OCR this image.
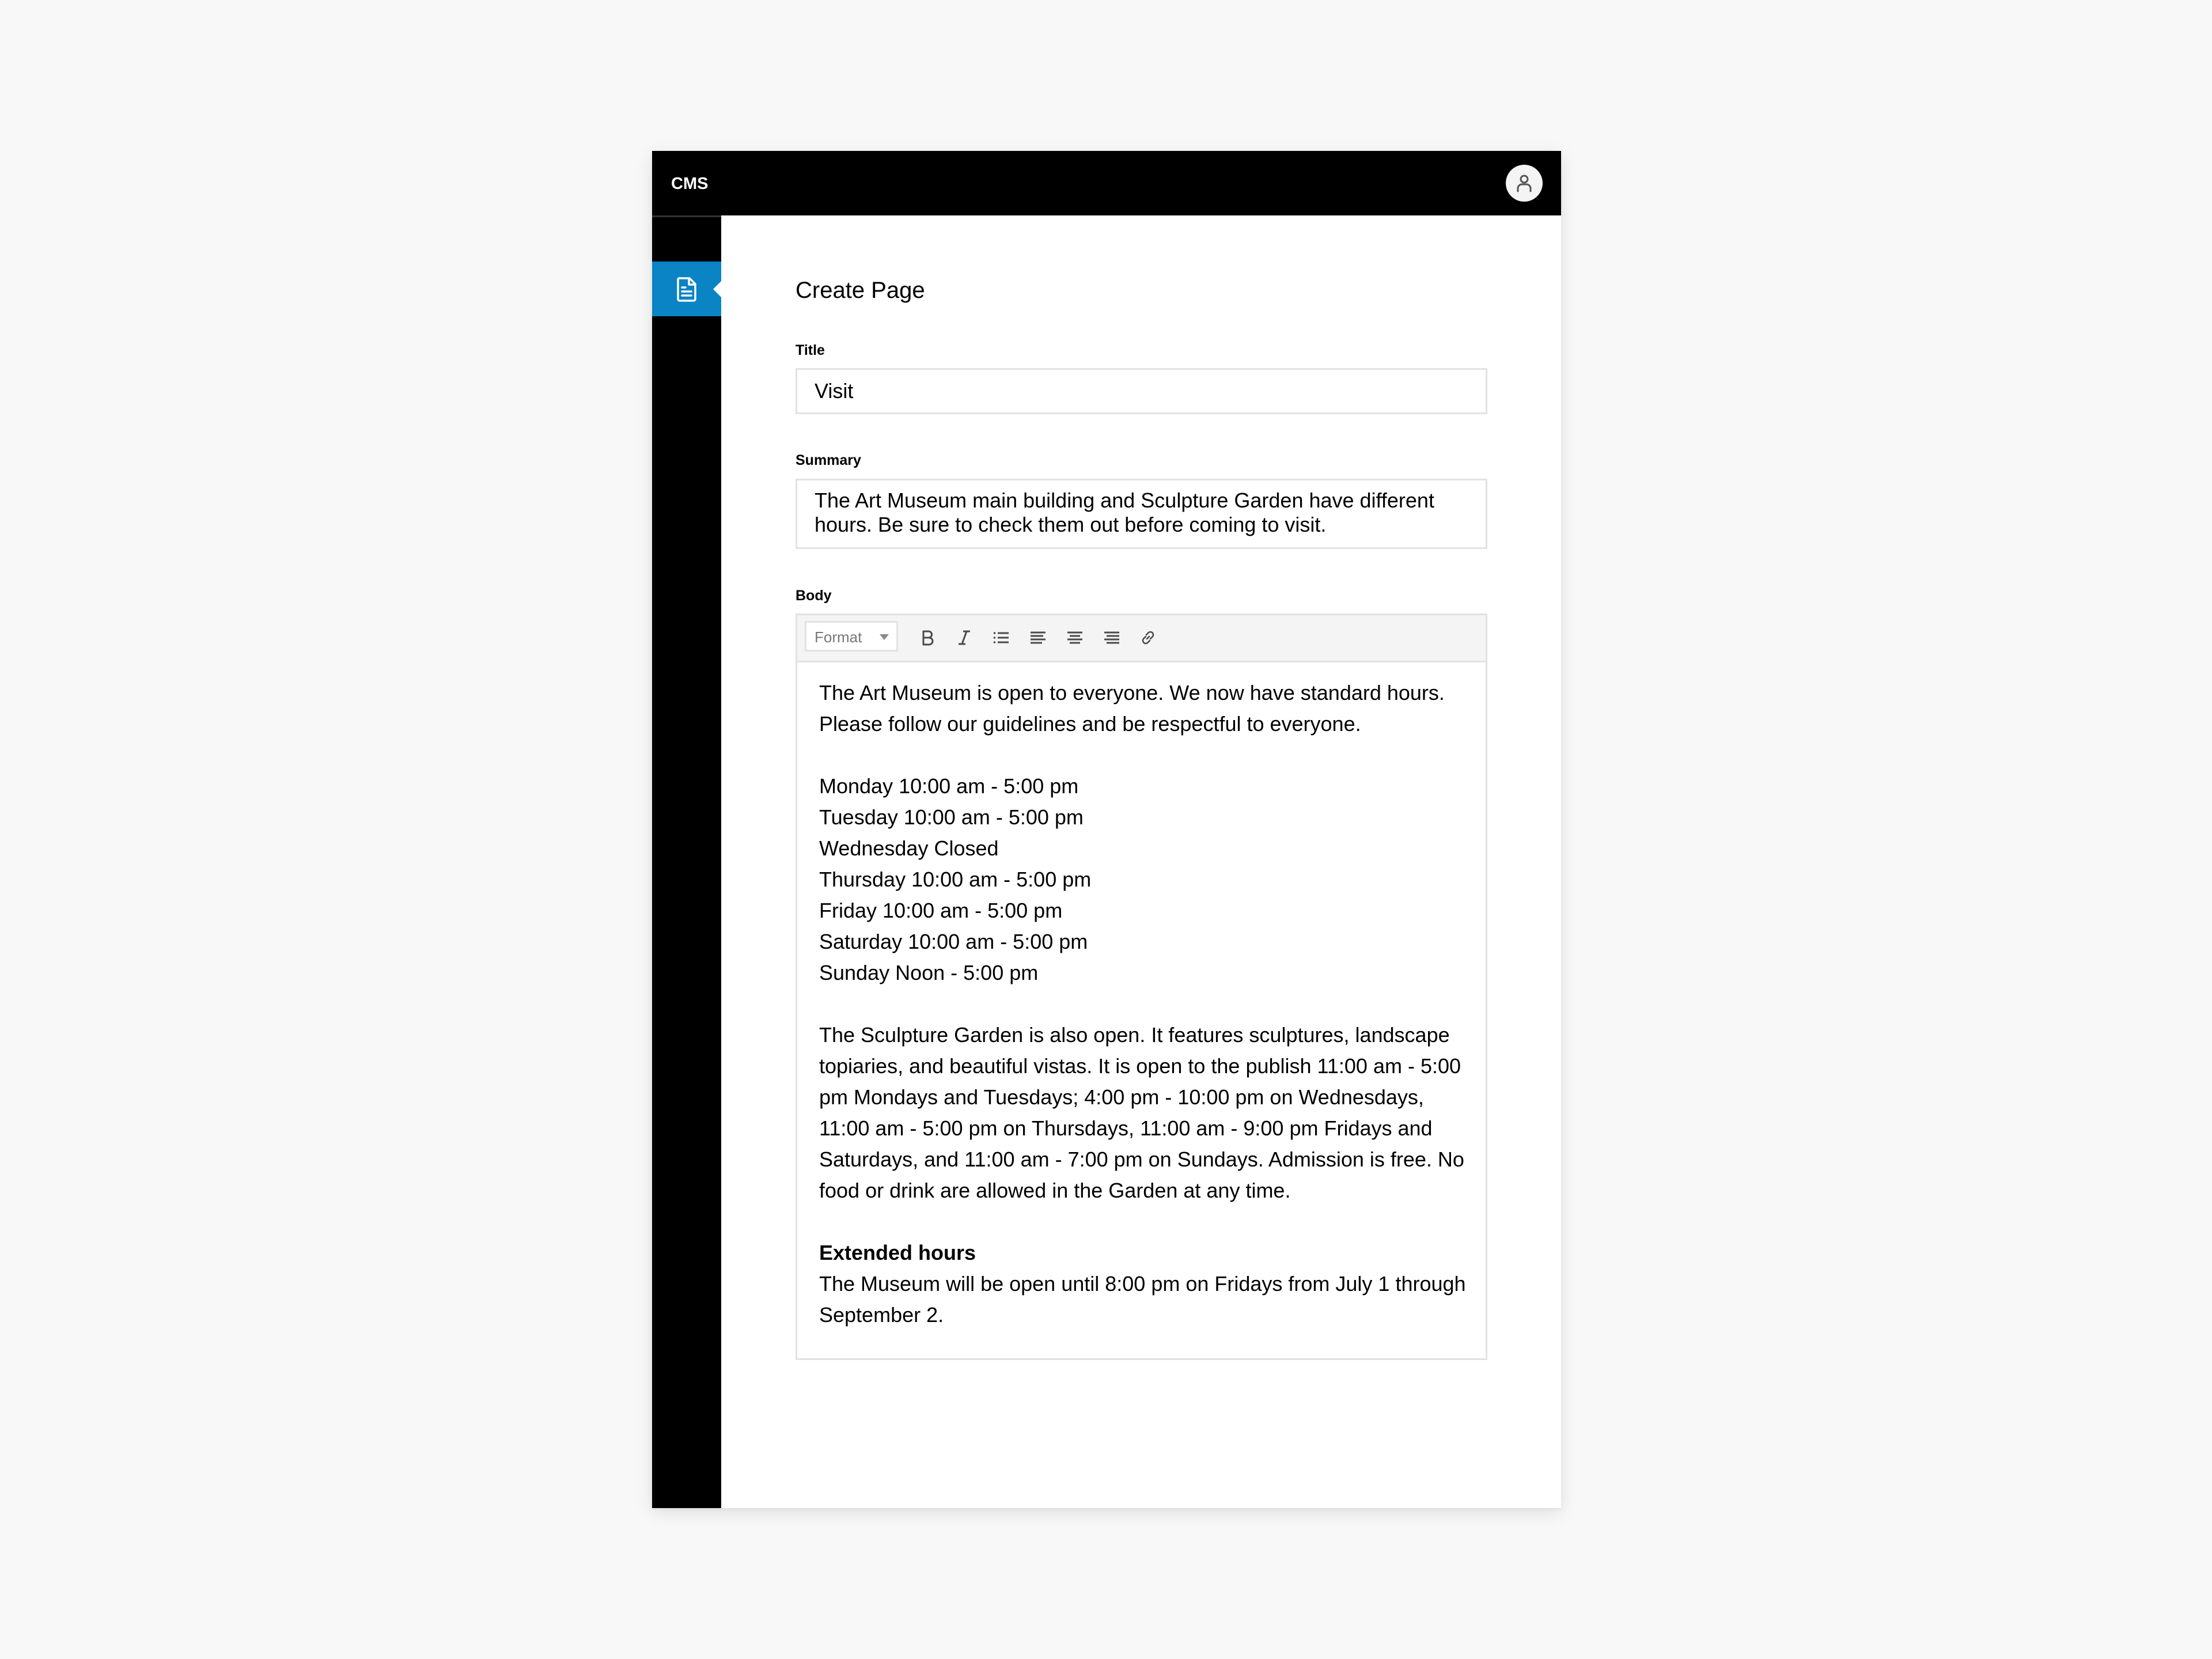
CMS
Create Page
Title
Visit
Summary
The Art Museum main building and Sculpture Garden have different hours. Be sure to check them out before coming to visit.
Body
Format

The Art Museum is open to everyone. We now have standard hours. Please follow our guidelines and be respectful to everyone.

Monday 10:00 am - 5:00 pm

Tuesday 10:00 am - 5:00 pm

Wednesday Closed

Thursday 10:00 am - 5:00 pm

Friday 10:00 am - 5:00 pm

Saturday 10:00 am - 5:00 pm

Sunday Noon - 5:00 pm

The Sculpture Garden is also open. It features sculptures, landscape topiaries, and beautiful vistas. It is open to the publish 11:00 am - 5:00 pm Mondays and Tuesdays; 4:00 pm - 10:00 pm on Wednesdays, 11:00 am - 5:00 pm on Thursdays, 11:00 am - 9:00 pm Fridays and Saturdays, and 11:00 am - 7:00 pm on Sundays. Admission is free. No food or drink are allowed in the Garden at any time.

Extended hours

The Museum will be open until 8:00 pm on Fridays from July 1 through September 2.
